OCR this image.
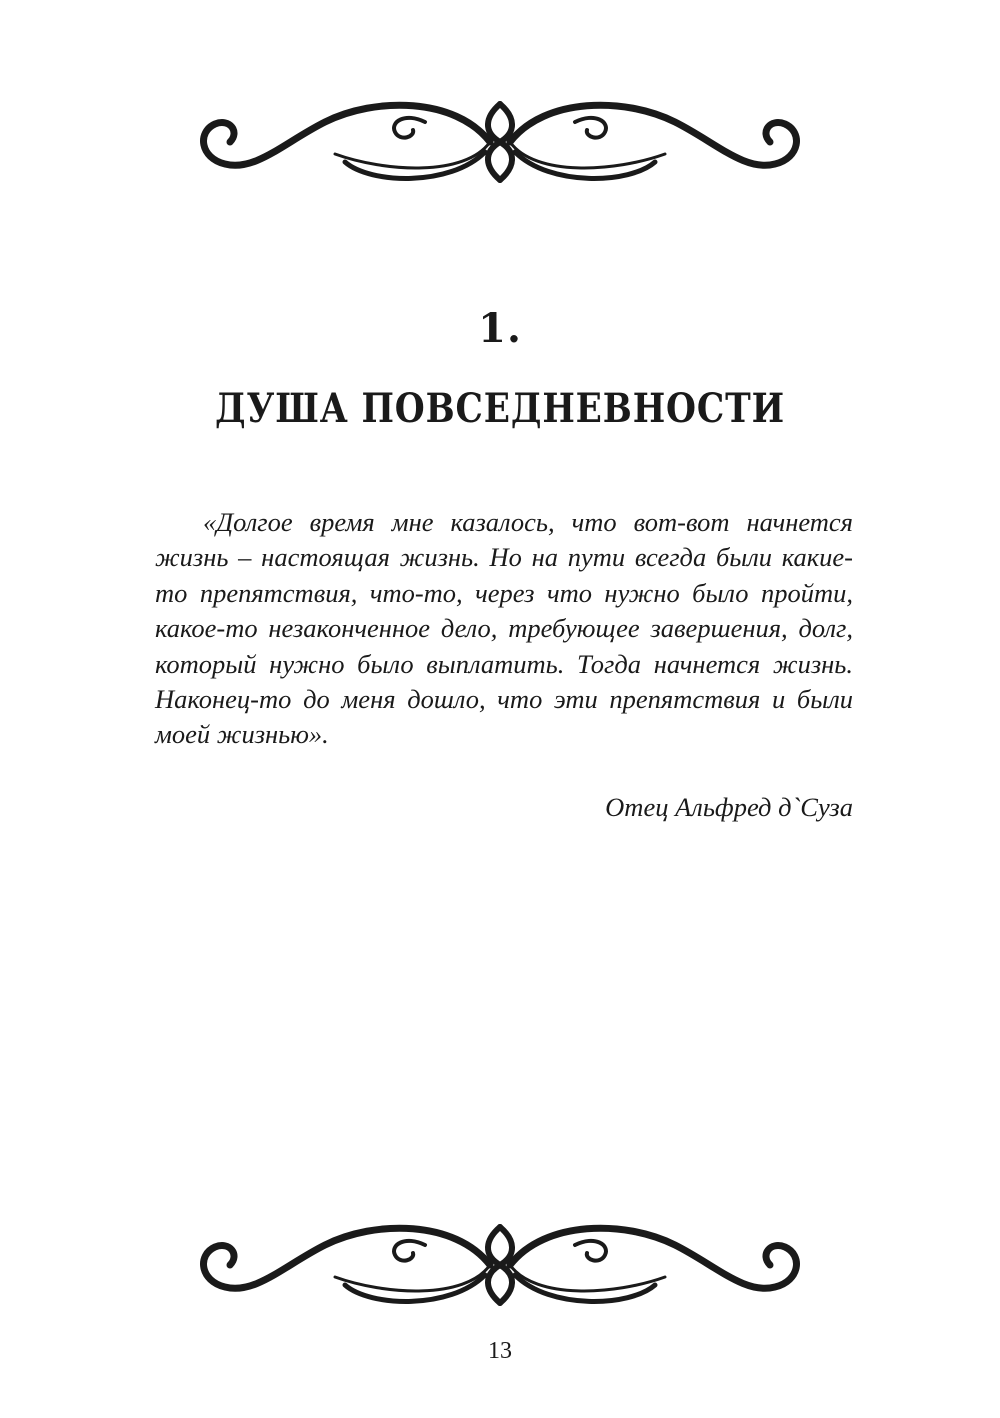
1.
ДУША ПОВСЕДНЕВНОСТИ

«Долгое время мне казалось, что вот-вот начнется жизнь – настоящая жизнь. Но на пути всегда были какие-то препятствия, что-то, через что нужно было пройти, какое-то незаконченное дело, требующее завершения, долг, который нужно было выплатить. Тогда начнется жизнь. Наконец-то до меня дошло, что эти препятствия и были моей жизнью».

Отец Альфред д`Суза
13
